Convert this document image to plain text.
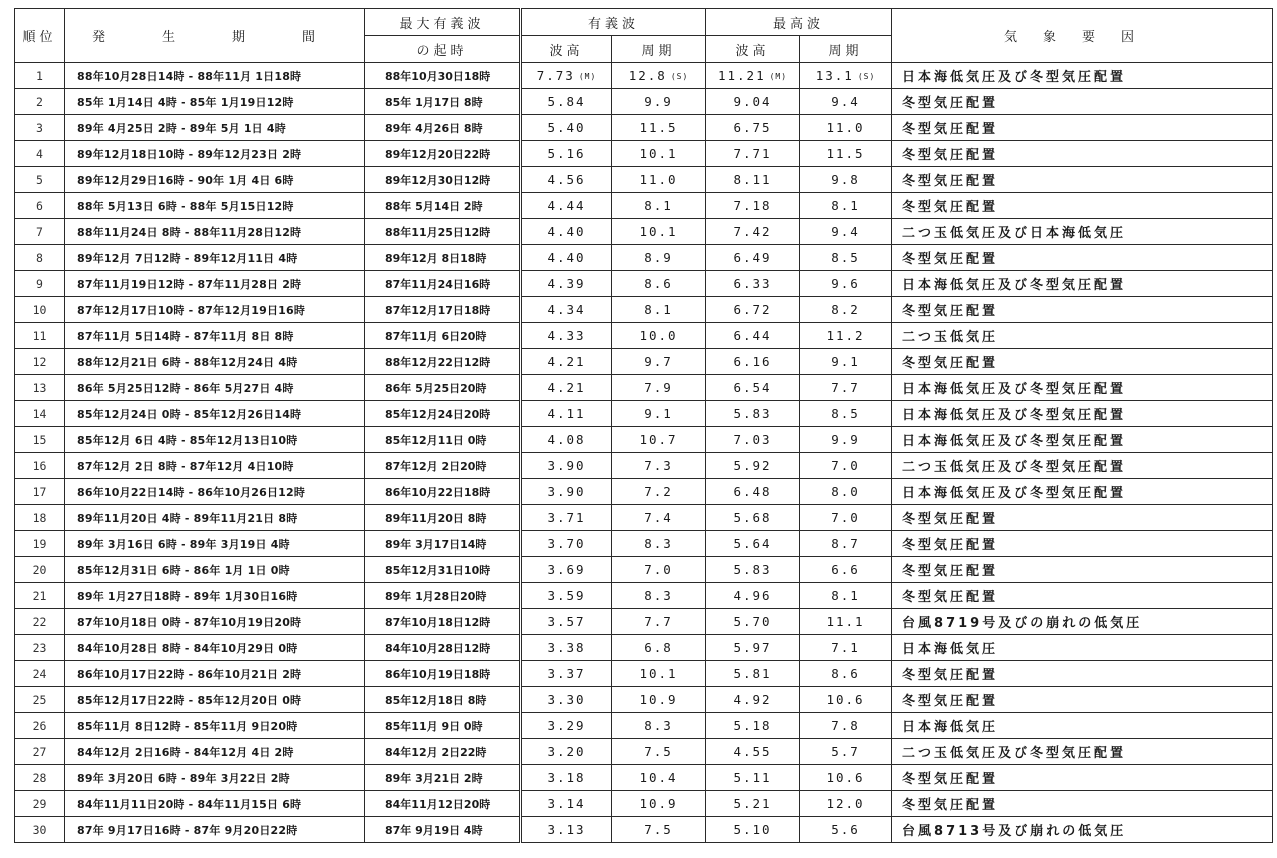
順位	発　生　期　間	最大有義波	有義波		最高波		気象要因
		の起時	波高	周期	波高	周期	
1	88年10月28日14時 - 88年11月 1日18時	88年10月30日18時	7.73 (M)	12.8 (S)	11.21 (M)	13.1 (S)	日本海低気圧及び冬型気圧配置
2	85年 1月14日 4時 - 85年 1月19日12時	85年 1月17日 8時	5.84	9.9	9.04	9.4	冬型気圧配置
3	89年 4月25日 2時 - 89年 5月 1日 4時	89年 4月26日 8時	5.40	11.5	6.75	11.0	冬型気圧配置
4	89年12月18日10時 - 89年12月23日 2時	89年12月20日22時	5.16	10.1	7.71	11.5	冬型気圧配置
5	89年12月29日16時 - 90年 1月 4日 6時	89年12月30日12時	4.56	11.0	8.11	9.8	冬型気圧配置
6	88年 5月13日 6時 - 88年 5月15日12時	88年 5月14日 2時	4.44	8.1	7.18	8.1	冬型気圧配置
7	88年11月24日 8時 - 88年11月28日12時	88年11月25日12時	4.40	10.1	7.42	9.4	二つ玉低気圧及び日本海低気圧
8	89年12月 7日12時 - 89年12月11日 4時	89年12月 8日18時	4.40	8.9	6.49	8.5	冬型気圧配置
9	87年11月19日12時 - 87年11月28日 2時	87年11月24日16時	4.39	8.6	6.33	9.6	日本海低気圧及び冬型気圧配置
10	87年12月17日10時 - 87年12月19日16時	87年12月17日18時	4.34	8.1	6.72	8.2	冬型気圧配置
11	87年11月 5日14時 - 87年11月 8日 8時	87年11月 6日20時	4.33	10.0	6.44	11.2	二つ玉低気圧
12	88年12月21日 6時 - 88年12月24日 4時	88年12月22日12時	4.21	9.7	6.16	9.1	冬型気圧配置
13	86年 5月25日12時 - 86年 5月27日 4時	86年 5月25日20時	4.21	7.9	6.54	7.7	日本海低気圧及び冬型気圧配置
14	85年12月24日 0時 - 85年12月26日14時	85年12月24日20時	4.11	9.1	5.83	8.5	日本海低気圧及び冬型気圧配置
15	85年12月 6日 4時 - 85年12月13日10時	85年12月11日 0時	4.08	10.7	7.03	9.9	日本海低気圧及び冬型気圧配置
16	87年12月 2日 8時 - 87年12月 4日10時	87年12月 2日20時	3.90	7.3	5.92	7.0	二つ玉低気圧及び冬型気圧配置
17	86年10月22日14時 - 86年10月26日12時	86年10月22日18時	3.90	7.2	6.48	8.0	日本海低気圧及び冬型気圧配置
18	89年11月20日 4時 - 89年11月21日 8時	89年11月20日 8時	3.71	7.4	5.68	7.0	冬型気圧配置
19	89年 3月16日 6時 - 89年 3月19日 4時	89年 3月17日14時	3.70	8.3	5.64	8.7	冬型気圧配置
20	85年12月31日 6時 - 86年 1月 1日 0時	85年12月31日10時	3.69	7.0	5.83	6.6	冬型気圧配置
21	89年 1月27日18時 - 89年 1月30日16時	89年 1月28日20時	3.59	8.3	4.96	8.1	冬型気圧配置
22	87年10月18日 0時 - 87年10月19日20時	87年10月18日12時	3.57	7.7	5.70	11.1	台風8719号及びの崩れの低気圧
23	84年10月28日 8時 - 84年10月29日 0時	84年10月28日12時	3.38	6.8	5.97	7.1	日本海低気圧
24	86年10月17日22時 - 86年10月21日 2時	86年10月19日18時	3.37	10.1	5.81	8.6	冬型気圧配置
25	85年12月17日22時 - 85年12月20日 0時	85年12月18日 8時	3.30	10.9	4.92	10.6	冬型気圧配置
26	85年11月 8日12時 - 85年11月 9日20時	85年11月 9日 0時	3.29	8.3	5.18	7.8	日本海低気圧
27	84年12月 2日16時 - 84年12月 4日 2時	84年12月 2日22時	3.20	7.5	4.55	5.7	二つ玉低気圧及び冬型気圧配置
28	89年 3月20日 6時 - 89年 3月22日 2時	89年 3月21日 2時	3.18	10.4	5.11	10.6	冬型気圧配置
29	84年11月11日20時 - 84年11月15日 6時	84年11月12日20時	3.14	10.9	5.21	12.0	冬型気圧配置
30	87年 9月17日16時 - 87年 9月20日22時	87年 9月19日 4時	3.13	7.5	5.10	5.6	台風8713号及び崩れの低気圧
